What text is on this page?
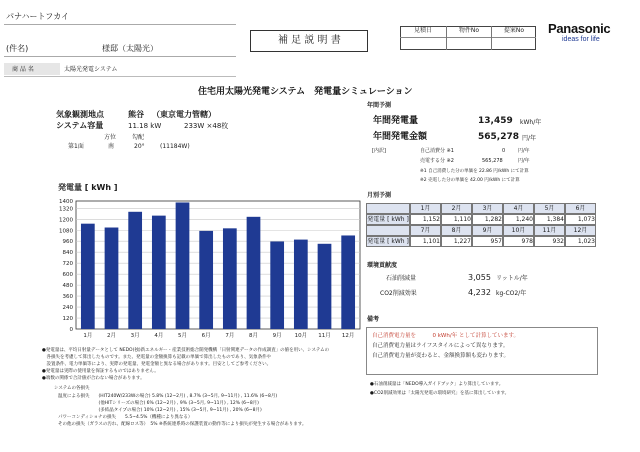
パナハートフカイ
(件名)	様邸（太陽光）
商 品 名	太陽光発電システム
補 足 説 明 書
見積日	物件No	提案No	Panasonic
ideas for life
住宅用太陽光発電システム　発電量シミュレーション
気象観測地点	熊谷 （東京電力管轄）
システム容量	11.18 kW	233W ×48枚
方位	勾配
第1面	南	20°	(11184W)
発電量 [ kWh ]
0
120
240
360
480
600
720
840
960
1080
1200
1320
1400
1月	2月	3月	4月	5月	6月	7月	8月	9月 10月 11月 12月
年間予測
年間発電量	13,459 kWh/年
年間発電金額	565,278 円/年
[内訳]	自己消費分 ※1	0	円/年
売電する分 ※2	565,278	円/年
※1 自己消費した分の単価を 22.86 円/kWh にて計算
※2 売電した分の単価を 42.00 円/kWh にて計算
月別予測
発電量 [ kWh ]
1月	2月	3月	4月	5月	6月
1,152	1,110	1,282	1,240	1,384	1,073
発電量 [ kWh ]
7月	8月	9月	10月	11月	12月
1,101	1,227	957	978	932	1,023
環境貢献度
石油削減量	3,055 リットル/年
CO2削減効果	4,232 kg-CO2/年
備考
自己消費電力量を　　　0 kWh/年 として計算しています。
自己消費電力量はライフスタイルによって異なります。
自己消費電力量が変わると、金額換算額も変わります。
●石油削減量は「NEDO導入ガイドブック」より算出しています。
●CO2削減効果は「太陽光発電の環境研究」を基に算出しています。
●発電量は、平均日射量データとして NEDO(独)新エネルギー・産業技術総合開発機構「日射関連データの作成調査」の値を用い、システムの
　各損失を考慮して算出したものです。また、発電量の金額換算も記載の単価で算出したものであり、気象条件や
　設置条件、電力単価等により、実際の発電量、発電金額と異なる場合があります。目安としてご参考ください。
●発電量は実際の使用量を保証するものではありません。
●端数の関係で合計値が合わない場合があります。
システムの各損失
温度による損失　　(HIT240W/233Wの場合) 5.8% (12~2月) , 8.7% (3~5月, 9~11月) , 11.6% (6~8月)
　　　　　　　　　(他HITシリーズの場合) 6% (12~2月) , 9% (3~5月, 9~11月) , 12% (6~8月)
　　　　　　　　　(多結晶タイプの場合) 10% (12~2月) , 15% (3~5月, 9~11月) , 20% (6~8月)
パワーコンディショナの損失　　5.5~4.5%（機種により異なる）
その他の損失（ガラスの汚れ、配線ロス等）　5% ※系統連系時の保護装置の動作等により損失が発生する場合があります。
